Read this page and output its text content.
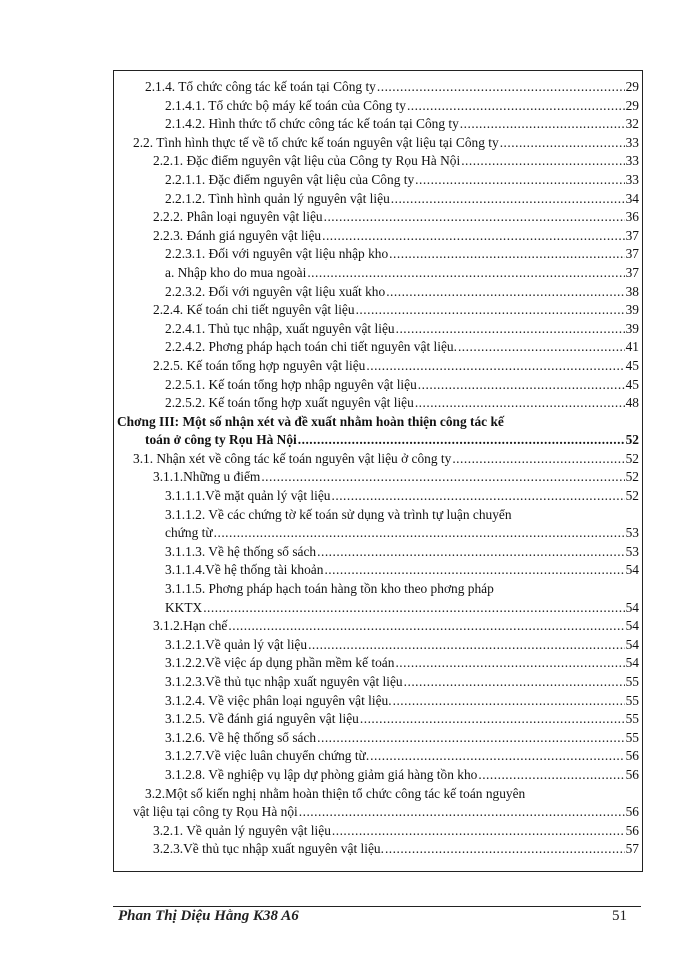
2.1.4. Tổ chức công tác kế toán tại Công ty .....	29
2.1.4.1. Tổ chức bộ máy kế toán của Công ty .....	29
2.1.4.2. Hình thức tổ chức công tác kế toán tại Công ty .....	32
2.2. Tình hình thực tế về tổ chức kế toán nguyên vật liệu tại Công ty .....	33
2.2.1. Đặc điểm nguyên vật liệu của Công ty Rọu Hà Nội .....	33
2.2.1.1. Đặc điểm nguyên vật liệu của Công ty .....	33
2.2.1.2. Tình hình quản lý nguyên vật liệu .....	34
2.2.2. Phân loại nguyên vật liệu .....	36
2.2.3. Đánh giá nguyên vật liệu .....	37
2.2.3.1. Đối với nguyên vật liệu nhập kho .....	37
a. Nhập kho do mua ngoài .....	37
2.2.3.2. Đối với nguyên vật liệu xuất kho .....	38
2.2.4. Kế toán chi tiết nguyên vật liệu .....	39
2.2.4.1. Thủ tục nhập, xuất nguyên vật liệu .....	39
2.2.4.2. Phơng pháp hạch toán chi tiết nguyên vật liệu. .....	41
2.2.5. Kế toán tổng hợp nguyên vật liệu .....	45
2.2.5.1. Kế toán tổng hợp nhập nguyên vật liệu .....	45
2.2.5.2. Kế toán tổng hợp xuất nguyên vật liệu .....	48
Chơng III: Một số nhận xét và đề xuất nhằm hoàn thiện công tác kế
toán ở công ty Rọu Hà Nội .....	52
3.1. Nhận xét về công tác kế toán nguyên vật liệu ở công ty .....	52
3.1.1.Những u điểm .....	52
3.1.1.1.Về mặt quản lý vật liệu .....	52
3.1.1.2. Về các chứng tờ kế toán sử dụng và trình tự luận chuyển
chứng từ .....	53
3.1.1.3. Về hệ thống sổ sách .....	53
3.1.1.4.Về hệ thống tài khoản .....	54
3.1.1.5. Phơng pháp hạch toán hàng tồn kho theo phơng pháp
KKTX .....	54
3.1.2.Hạn chế .....	54
3.1.2.1.Về quản lý vật liệu .....	54
3.1.2.2.Về việc áp dụng phần mềm kế toán .....	54
3.1.2.3.Về thủ tục nhập xuất nguyên vật liệu .....	55
3.1.2.4. Về việc phân loại nguyên vật liệu. .....	55
3.1.2.5. Về đánh giá nguyên vật liệu .....	55
3.1.2.6. Về hệ thống sổ sách .....	55
3.1.2.7.Về việc luân chuyển chứng từ. .....	56
3.1.2.8. Về nghiệp vụ lập dự phòng giảm giá hàng tồn kho .....	56
3.2.Một số kiến nghị nhằm hoàn thiện tổ chức công tác kế toán nguyên
vật liệu tại công ty Rọu Hà nội .....	56
3.2.1. Về quản lý nguyên vật liệu .....	56
3.2.3.Về thủ tục nhập xuất nguyên vật liệu. .....	57
Phan Thị Diệu Hằng K38 A6	51
